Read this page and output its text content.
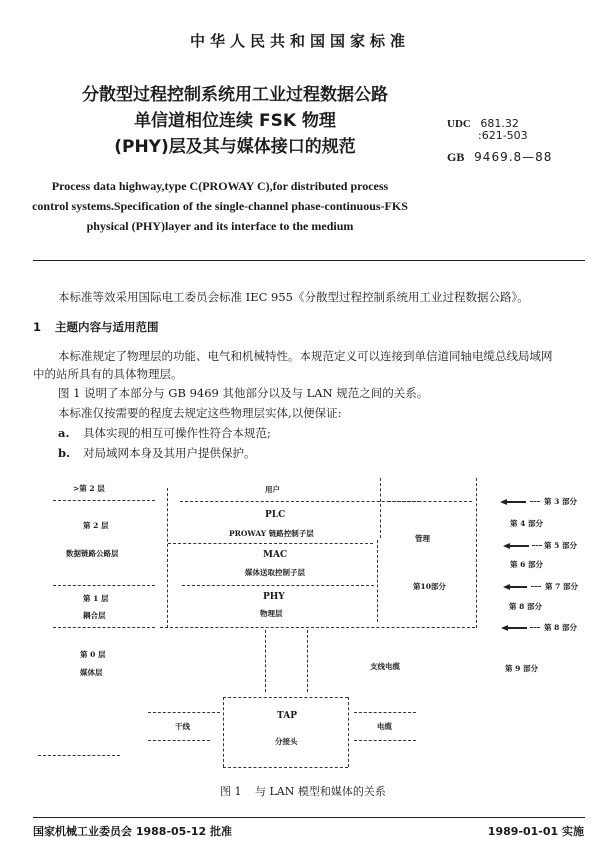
中华人民共和国国家标准
分散型过程控制系统用工业过程数据公路
单信道相位连续 FSK 物理
(PHY)层及其与媒体接口的规范
UDC 681.32
:621-503
GB 9469.8—88
Process data highway,type C(PROWAY C),for distributed process
control systems.Specification of the single-channel phase-continuous-FKS
physical (PHY)layer and its interface to the medium
本标准等效采用国际电工委员会标准 IEC 955《分散型过程控制系统用工业过程数据公路》。
1 主题内容与适用范围
本标准规定了物理层的功能、电气和机械特性。本规范定义可以连接到单信道同轴电缆总线局域网
中的站所具有的具体物理层。
图 1 说明了本部分与 GB 9469 其他部分以及与 LAN 规范之间的关系。
本标准仅按需要的程度去规定这些物理层实体,以便保证:
a. 具体实现的相互可操作性符合本规范;
b. 对局域网本身及其用户提供保护。
>第 2 层
第 2 层
数据链路公路层
第 1 层
耦合层
第 0 层
媒体层
用户
PLC
PROWAY 链路控制子层
MAC
媒体送取控制子层
PHY
物理层
管理
第10部分
第 3 部分
第 4 部分
第 5 部分
第 6 部分
第 7 部分
第 8 部分
第 8 部分
第 9 部分
支线电缆
TAP
分接头
干线	电缆
图 1 与 LAN 模型和媒体的关系
国家机械工业委员会 1988-05-12 批准	1989-01-01 实施
